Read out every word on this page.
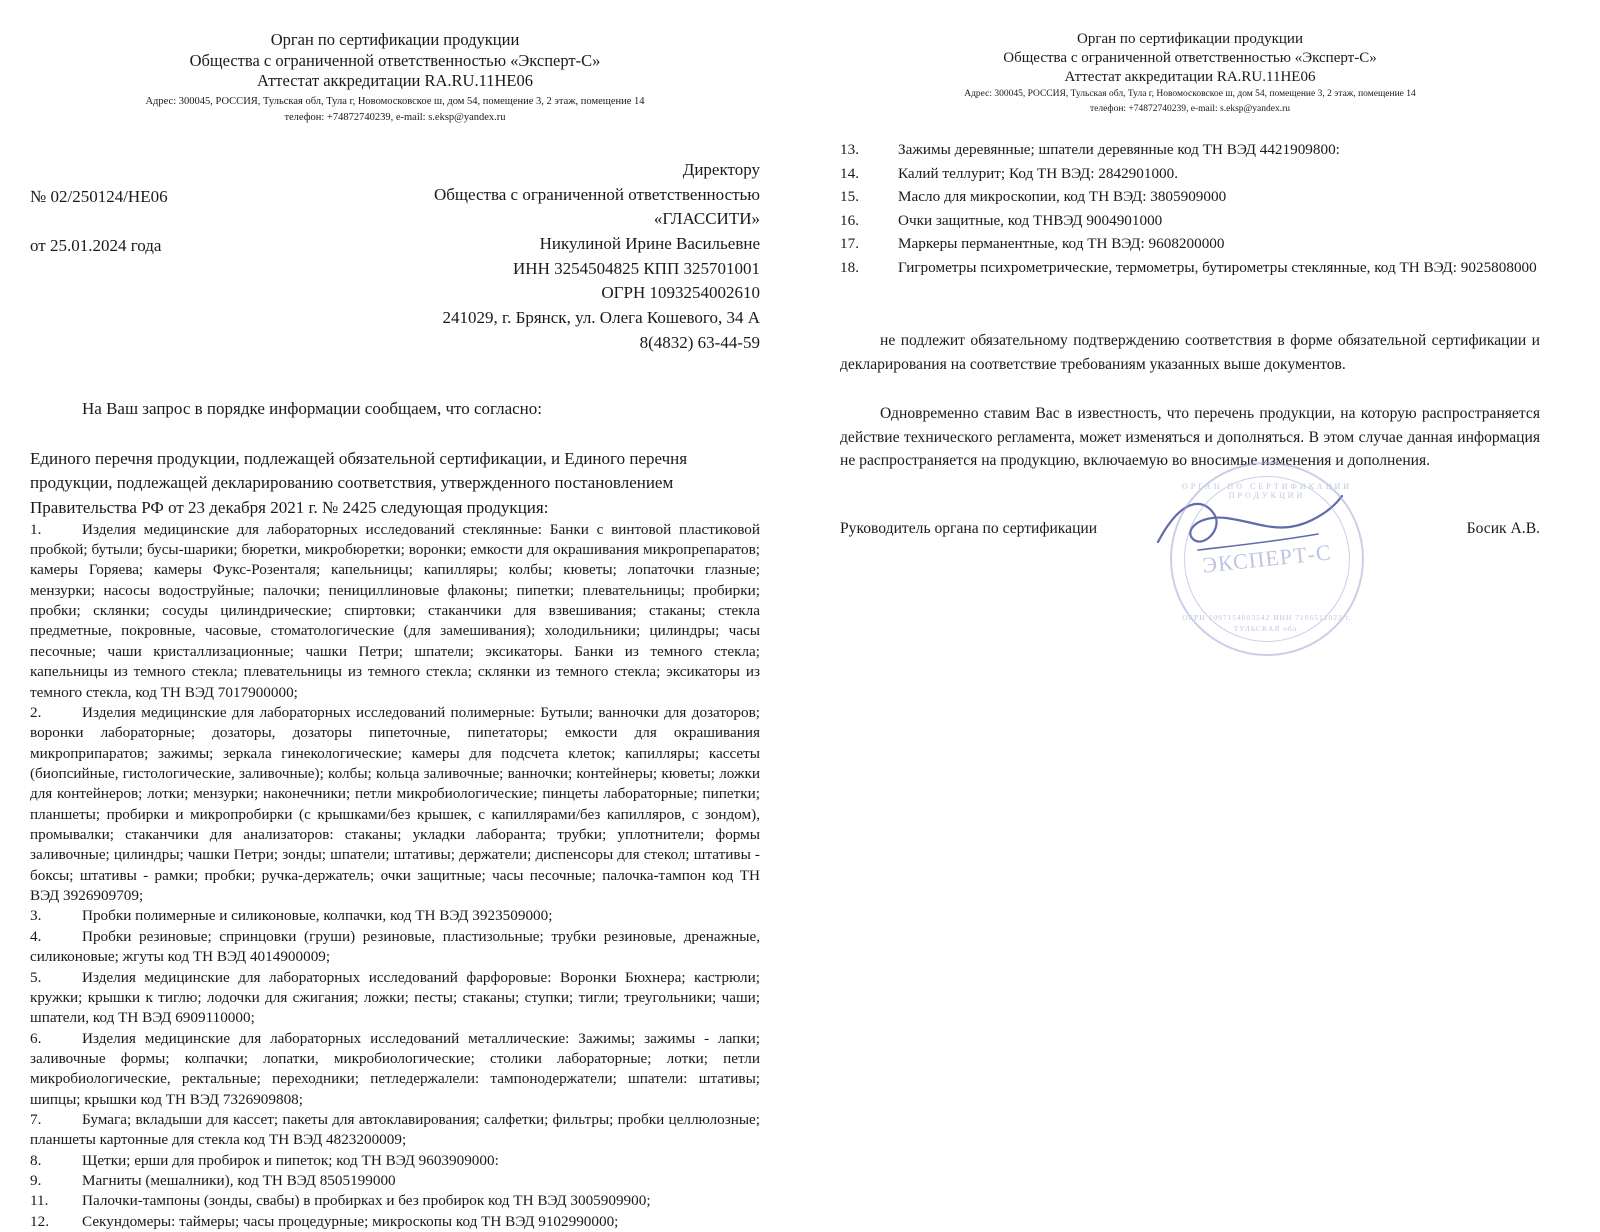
Орган по сертификации продукции
Общества с ограниченной ответственностью «Эксперт-С»
Аттестат аккредитации RA.RU.11НЕ06
Адрес: 300045, РОССИЯ, Тульская обл, Тула г, Новомосковское ш, дом 54, помещение 3, 2 этаж, помещение 14
телефон: +74872740239, e-mail: s.eksp@yandex.ru

№ 02/250124/НЕ06

от 25.01.2024 года

Директору
Общества с ограниченной ответственностью
«ГЛАССИТИ»
Никулиной Ирине Васильевне
ИНН 3254504825 КПП 325701001
ОГРН 1093254002610
241029, г. Брянск, ул. Олега Кошевого, 34 А
8(4832) 63-44-59
На Ваш запрос в порядке информации сообщаем, что согласно:
Единого перечня продукции, подлежащей обязательной сертификации, и Единого перечня
продукции, подлежащей декларированию соответствия, утвержденного постановлением
Правительства РФ от 23 декабря 2021 г. № 2425 следующая продукция:
1.	Изделия медицинские для лабораторных исследований стеклянные: Банки с винтовой пластиковой пробкой; бутыли; бусы-шарики; бюретки, микробюретки; воронки; емкости для окрашивания микропрепаратов; камеры Горяева; камеры Фукс-Розенталя; капельницы; капилляры; колбы; кюветы; лопаточки глазные; мензурки; насосы водоструйные; палочки; пенициллиновые флаконы; пипетки; плевательницы; пробирки; пробки; склянки; сосуды цилиндрические; спиртовки; стаканчики для взвешивания; стаканы; стекла предметные, покровные, часовые, стоматологические (для замешивания); холодильники; цилиндры; часы песочные; чаши кристаллизационные; чашки Петри; шпатели; эксикаторы. Банки из темного стекла; капельницы из темного стекла; плевательницы из темного стекла; склянки из темного стекла; эксикаторы из темного стекла, код ТН ВЭД 7017900000;
2.	Изделия медицинские для лабораторных исследований полимерные: Бутыли; ванночки для дозаторов; воронки лабораторные; дозаторы, дозаторы пипеточные, пипетаторы; емкости для окрашивания микроприпаратов; зажимы; зеркала гинекологические; камеры для подсчета клеток; капилляры; кассеты (биопсийные, гистологические, заливочные); колбы; кольца заливочные; ванночки; контейнеры; кюветы; ложки для контейнеров; лотки; мензурки; наконечники; петли микробиологические; пинцеты лабораторные; пипетки; планшеты; пробирки и микропробирки (с крышками/без крышек, с капиллярами/без капилляров, с зондом), промывалки; стаканчики для анализаторов: стаканы; укладки лаборанта; трубки; уплотнители; формы заливочные; цилиндры; чашки Петри; зонды; шпатели; штативы; держатели; диспенсоры для стекол; штативы - боксы; штативы - рамки; пробки; ручка-держатель; очки защитные; часы песочные; палочка-тампон код ТН ВЭД 3926909709;
3.	Пробки полимерные и силиконовые, колпачки, код ТН ВЭД 3923509000;
4.	Пробки резиновые; спринцовки (груши) резиновые, пластизольные; трубки резиновые, дренажные, силиконовые; жгуты код ТН ВЭД 4014900009;
5.	Изделия медицинские для лабораторных исследований фарфоровые: Воронки Бюхнера; кастрюли; кружки; крышки к тиглю; лодочки для сжигания; ложки; песты; стаканы; ступки; тигли; треугольники; чаши; шпатели, код ТН ВЭД 6909110000;
6.	Изделия медицинские для лабораторных исследований металлические: Зажимы; зажимы - лапки; заливочные формы; колпачки; лопатки, микробиологические; столики лабораторные; лотки; петли микробиологические, ректальные; переходники; петледержалели: тампонодержатели; шпатели: штативы; шипцы; крышки код ТН ВЭД 7326909808;
7.	Бумага; вкладыши для кассет; пакеты для автоклавирования; салфетки; фильтры; пробки целлюлозные; планшеты картонные для стекла код ТН ВЭД 4823200009;
8.	Щетки; ерши для пробирок и пипеток; код ТН ВЭД 9603909000:
9.	Магниты (мешалники), код ТН ВЭД 8505199000
11. Палочки-тампоны (зонды, свабы) в пробирках и без пробирок код ТН ВЭД 3005909900;
12. Секундомеры: таймеры; часы процедурные; микроскопы код ТН ВЭД 9102990000;
Орган по сертификации продукции
Общества с ограниченной ответственностью «Эксперт-С»
Аттестат аккредитации RA.RU.11НЕ06
Адрес: 300045, РОССИЯ, Тульская обл, Тула г, Новомосковское ш, дом 54, помещение 3, 2 этаж, помещение 14
телефон: +74872740239, e-mail: s.eksp@yandex.ru
13.	Зажимы деревянные; шпатели деревянные код ТН ВЭД 4421909800:
14.	Калий теллурит; Код ТН ВЭД: 2842901000.
15.	Масло для микроскопии, код ТН ВЭД: 3805909000
16.	Очки защитные, код ТНВЭД 9004901000
17.	Маркеры перманентные, код ТН ВЭД: 9608200000
18.	Гигрометры психрометрические, термометры, бутирометры стеклянные, код ТН ВЭД: 9025808000
не подлежит обязательному подтверждению соответствия в форме обязательной сертификации и декларирования на соответствие требованиям указанных выше документов.
Одновременно ставим Вас в известность, что перечень продукции, на которую распространяется действие технического регламента, может изменяться и дополняться. В этом случае данная информация не распространяется на продукцию, включаемую во вносимые изменения и дополнения.
Руководитель органа по сертификации
ОРГАН ПО СЕРТИФИКАЦИИ ПРОДУКЦИИ
ЭКСПЕРТ-С
ОГРН 1097154003542 ИНН 7106512023 г. ТУЛЬСКАЯ обл.
Босик А.В.
